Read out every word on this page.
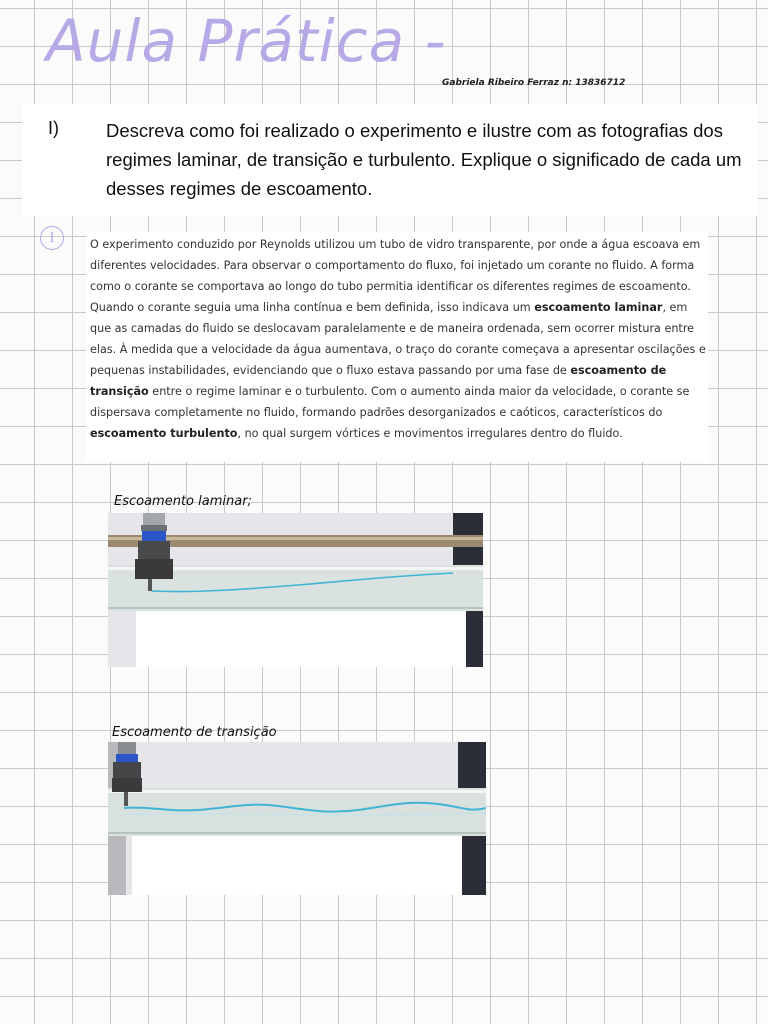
Aula Prática -
Gabriela Ribeiro Ferraz n: 13836712
I)	Descreva como foi realizado o experimento e ilustre com as fotografias dos regimes laminar, de transição e turbulento. Explique o significado de cada um desses regimes de escoamento.
I	O experimento conduzido por Reynolds utilizou um tubo de vidro transparente, por onde a água escoava em diferentes velocidades. Para observar o comportamento do fluxo, foi injetado um corante no fluido. A forma como o corante se comportava ao longo do tubo permitia identificar os diferentes regimes de escoamento. Quando o corante seguia uma linha contínua e bem definida, isso indicava um escoamento laminar, em que as camadas do fluido se deslocavam paralelamente e de maneira ordenada, sem ocorrer mistura entre elas. À medida que a velocidade da água aumentava, o traço do corante começava a apresentar oscilações e pequenas instabilidades, evidenciando que o fluxo estava passando por uma fase de escoamento de transição entre o regime laminar e o turbulento. Com o aumento ainda maior da velocidade, o corante se dispersava completamente no fluido, formando padrões desorganizados e caóticos, característicos do escoamento turbulento, no qual surgem vórtices e movimentos irregulares dentro do fluido.
Escoamento laminar;
Escoamento de transição
